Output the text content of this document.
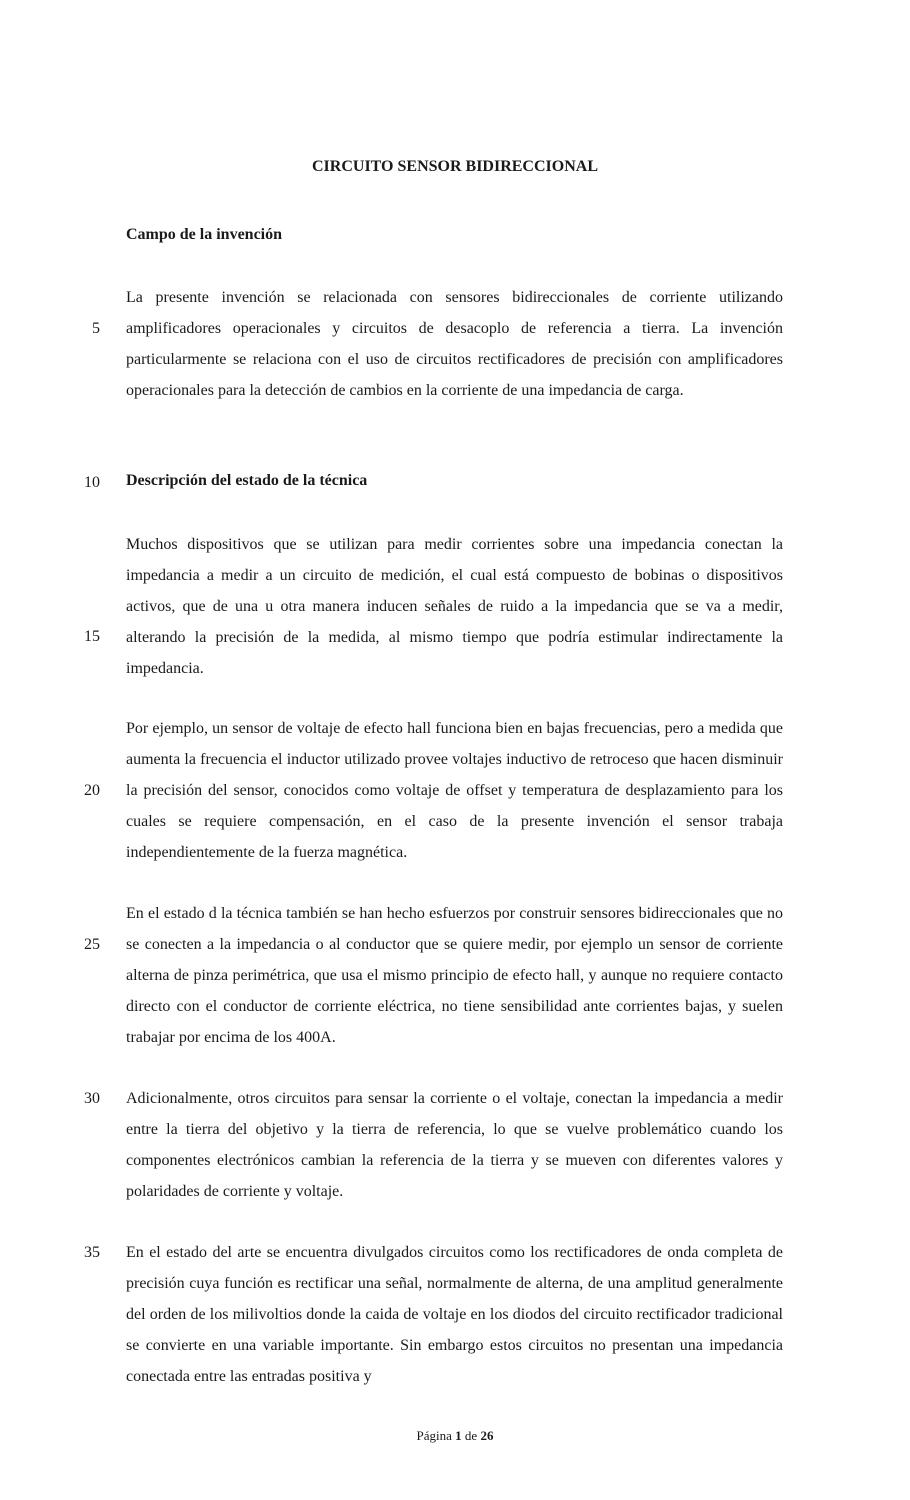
CIRCUITO SENSOR BIDIRECCIONAL
Campo de la invención

La presente invención se relacionada con sensores bidireccionales de corriente utilizando amplificadores operacionales y circuitos de desacoplo de referencia a tierra. La invención particularmente se relaciona con el uso de circuitos rectificadores de precisión con amplificadores operacionales para la detección de cambios en la corriente de una impedancia de carga.

Descripción del estado de la técnica

Muchos dispositivos que se utilizan para medir corrientes sobre una impedancia conectan la impedancia a medir a un circuito de medición, el cual está compuesto de bobinas o dispositivos activos, que de una u otra manera inducen señales de ruido a la impedancia que se va a medir, alterando la precisión de la medida, al mismo tiempo que podría estimular indirectamente la impedancia.

Por ejemplo, un sensor de voltaje de efecto hall funciona bien en bajas frecuencias, pero a medida que aumenta la frecuencia el inductor utilizado provee voltajes inductivo de retroceso que hacen disminuir la precisión del sensor, conocidos como voltaje de offset y temperatura de desplazamiento para los cuales se requiere compensación, en el caso de la presente invención el sensor trabaja independientemente de la fuerza magnética.

En el estado d la técnica también se han hecho esfuerzos por construir sensores bidireccionales que no se conecten a la impedancia o al conductor que se quiere medir, por ejemplo un sensor de corriente alterna de pinza perimétrica, que usa el mismo principio de efecto hall, y aunque no requiere contacto directo con el conductor de corriente eléctrica, no tiene sensibilidad ante corrientes bajas, y suelen trabajar por encima de los 400A.

Adicionalmente, otros circuitos para sensar la corriente o el voltaje, conectan la impedancia a medir entre la tierra del objetivo y la tierra de referencia, lo que se vuelve problemático cuando los componentes electrónicos cambian la referencia de la tierra y se mueven con diferentes valores y polaridades de corriente y voltaje.

En el estado del arte se encuentra divulgados circuitos como los rectificadores de onda completa de precisión cuya función es rectificar una señal, normalmente de alterna, de una amplitud generalmente del orden de los milivoltios donde la caida de voltaje en los diodos del circuito rectificador tradicional se convierte en una variable importante. Sin embargo estos circuitos no presentan una impedancia conectada entre las entradas positiva y

5
10
15
20
25
30
35
Página 1 de 26
